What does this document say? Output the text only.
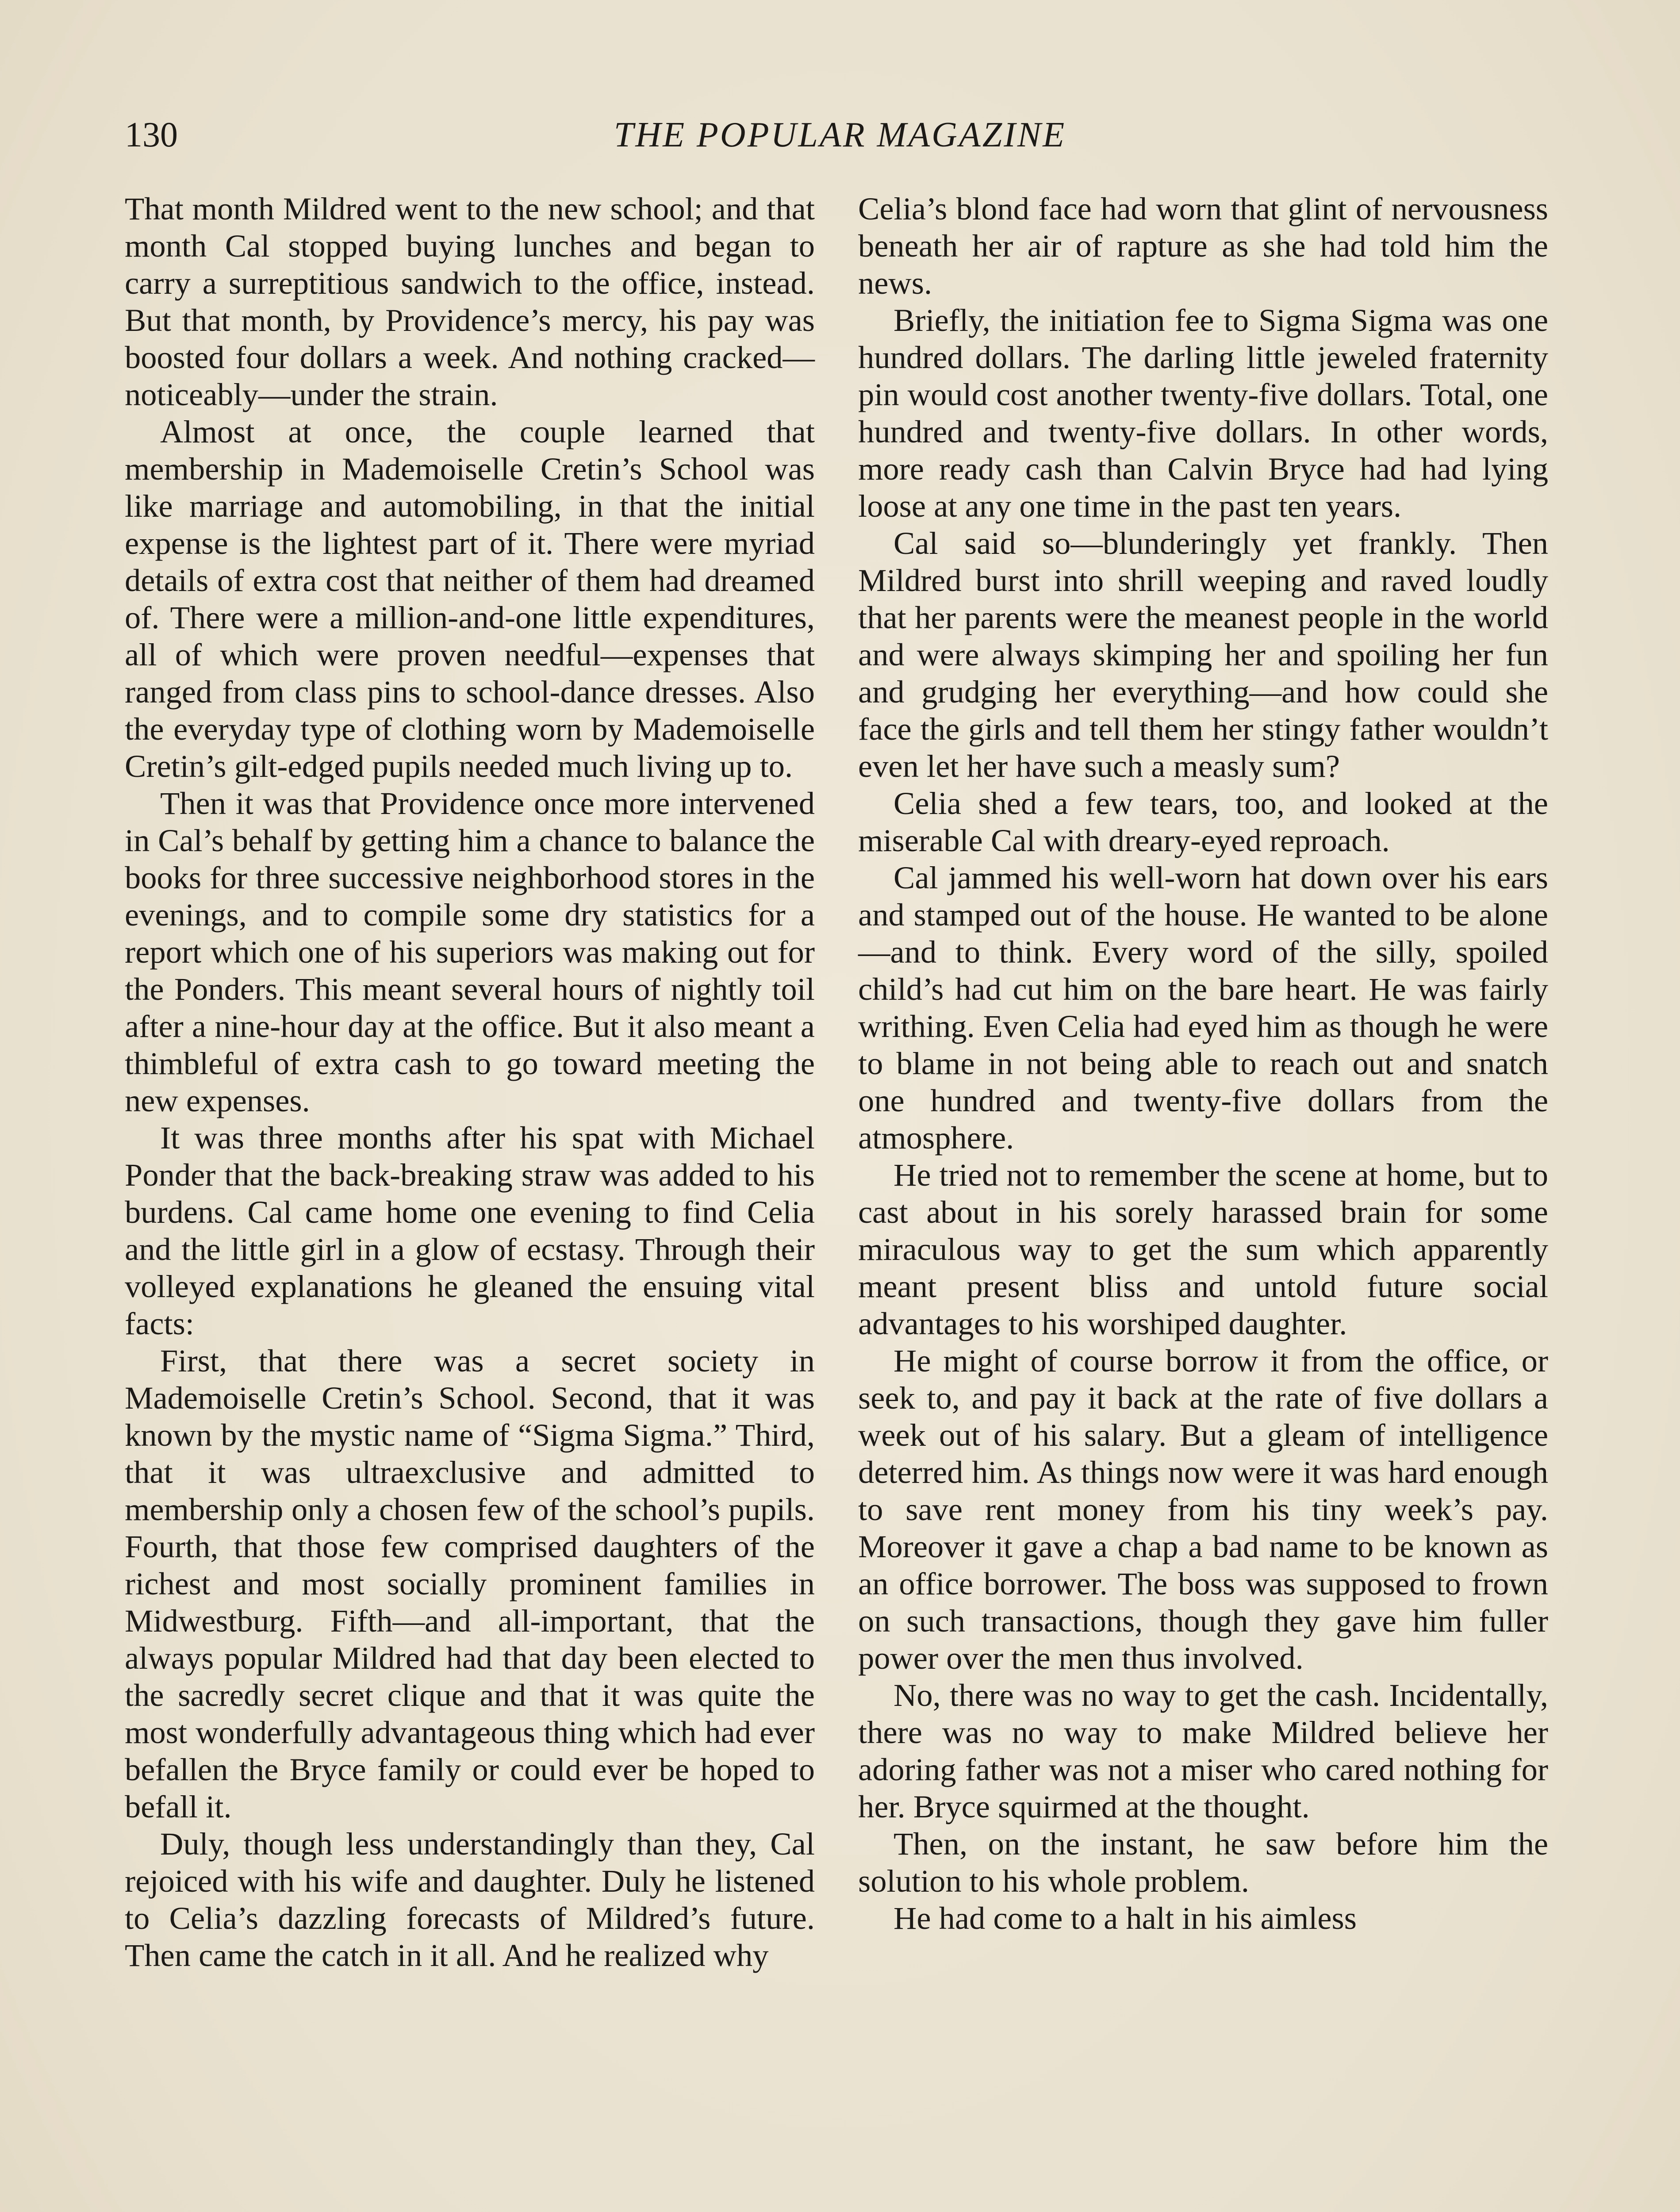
130	THE POPULAR MAGAZINE

That month Mildred went to the new school; and that month Cal stopped buying lunches and began to carry a surreptitious sandwich to the office, instead. But that month, by Providence’s mercy, his pay was boosted four dollars a week. And nothing cracked—noticeably—under the strain.

Almost at once, the couple learned that membership in Mademoiselle Cretin’s School was like marriage and automobiling, in that the initial expense is the lightest part of it. There were myriad details of extra cost that neither of them had dreamed of. There were a million-and-one little expenditures, all of which were proven needful—expenses that ranged from class pins to school-dance dresses. Also the everyday type of clothing worn by Mademoiselle Cretin’s gilt-edged pupils needed much living up to.

Then it was that Providence once more intervened in Cal’s behalf by getting him a chance to balance the books for three successive neighborhood stores in the evenings, and to compile some dry statistics for a report which one of his superiors was making out for the Ponders. This meant several hours of nightly toil after a nine-hour day at the office. But it also meant a thimbleful of extra cash to go toward meeting the new expenses.

It was three months after his spat with Michael Ponder that the back-breaking straw was added to his burdens. Cal came home one evening to find Celia and the little girl in a glow of ecstasy. Through their volleyed explanations he gleaned the ensuing vital facts:

First, that there was a secret society in Mademoiselle Cretin’s School. Second, that it was known by the mystic name of “Sigma Sigma.” Third, that it was ultraexclusive and admitted to membership only a chosen few of the school’s pupils. Fourth, that those few comprised daughters of the richest and most socially prominent families in Midwestburg. Fifth—and all-important, that the always popular Mildred had that day been elected to the sacredly secret clique and that it was quite the most wonderfully advantageous thing which had ever befallen the Bryce family or could ever be hoped to befall it.

Duly, though less understandingly than they, Cal rejoiced with his wife and daughter. Duly he listened to Celia’s dazzling forecasts of Mildred’s future. Then came the catch in it all. And he realized why

Celia’s blond face had worn that glint of nervousness beneath her air of rapture as she had told him the news.

Briefly, the initiation fee to Sigma Sigma was one hundred dollars. The darling little jeweled fraternity pin would cost another twenty-five dollars. Total, one hundred and twenty-five dollars. In other words, more ready cash than Calvin Bryce had had lying loose at any one time in the past ten years.

Cal said so—blunderingly yet frankly. Then Mildred burst into shrill weeping and raved loudly that her parents were the meanest people in the world and were always skimping her and spoiling her fun and grudging her everything—and how could she face the girls and tell them her stingy father wouldn’t even let her have such a measly sum?

Celia shed a few tears, too, and looked at the miserable Cal with dreary-eyed reproach.

Cal jammed his well-worn hat down over his ears and stamped out of the house. He wanted to be alone—and to think. Every word of the silly, spoiled child’s had cut him on the bare heart. He was fairly writhing. Even Celia had eyed him as though he were to blame in not being able to reach out and snatch one hundred and twenty-five dollars from the atmosphere.

He tried not to remember the scene at home, but to cast about in his sorely harassed brain for some miraculous way to get the sum which apparently meant present bliss and untold future social advantages to his worshiped daughter.

He might of course borrow it from the office, or seek to, and pay it back at the rate of five dollars a week out of his salary. But a gleam of intelligence deterred him. As things now were it was hard enough to save rent money from his tiny week’s pay. Moreover it gave a chap a bad name to be known as an office borrower. The boss was supposed to frown on such transactions, though they gave him fuller power over the men thus involved.

No, there was no way to get the cash. Incidentally, there was no way to make Mildred believe her adoring father was not a miser who cared nothing for her. Bryce squirmed at the thought.

Then, on the instant, he saw before him the solution to his whole problem.

He had come to a halt in his aimless
